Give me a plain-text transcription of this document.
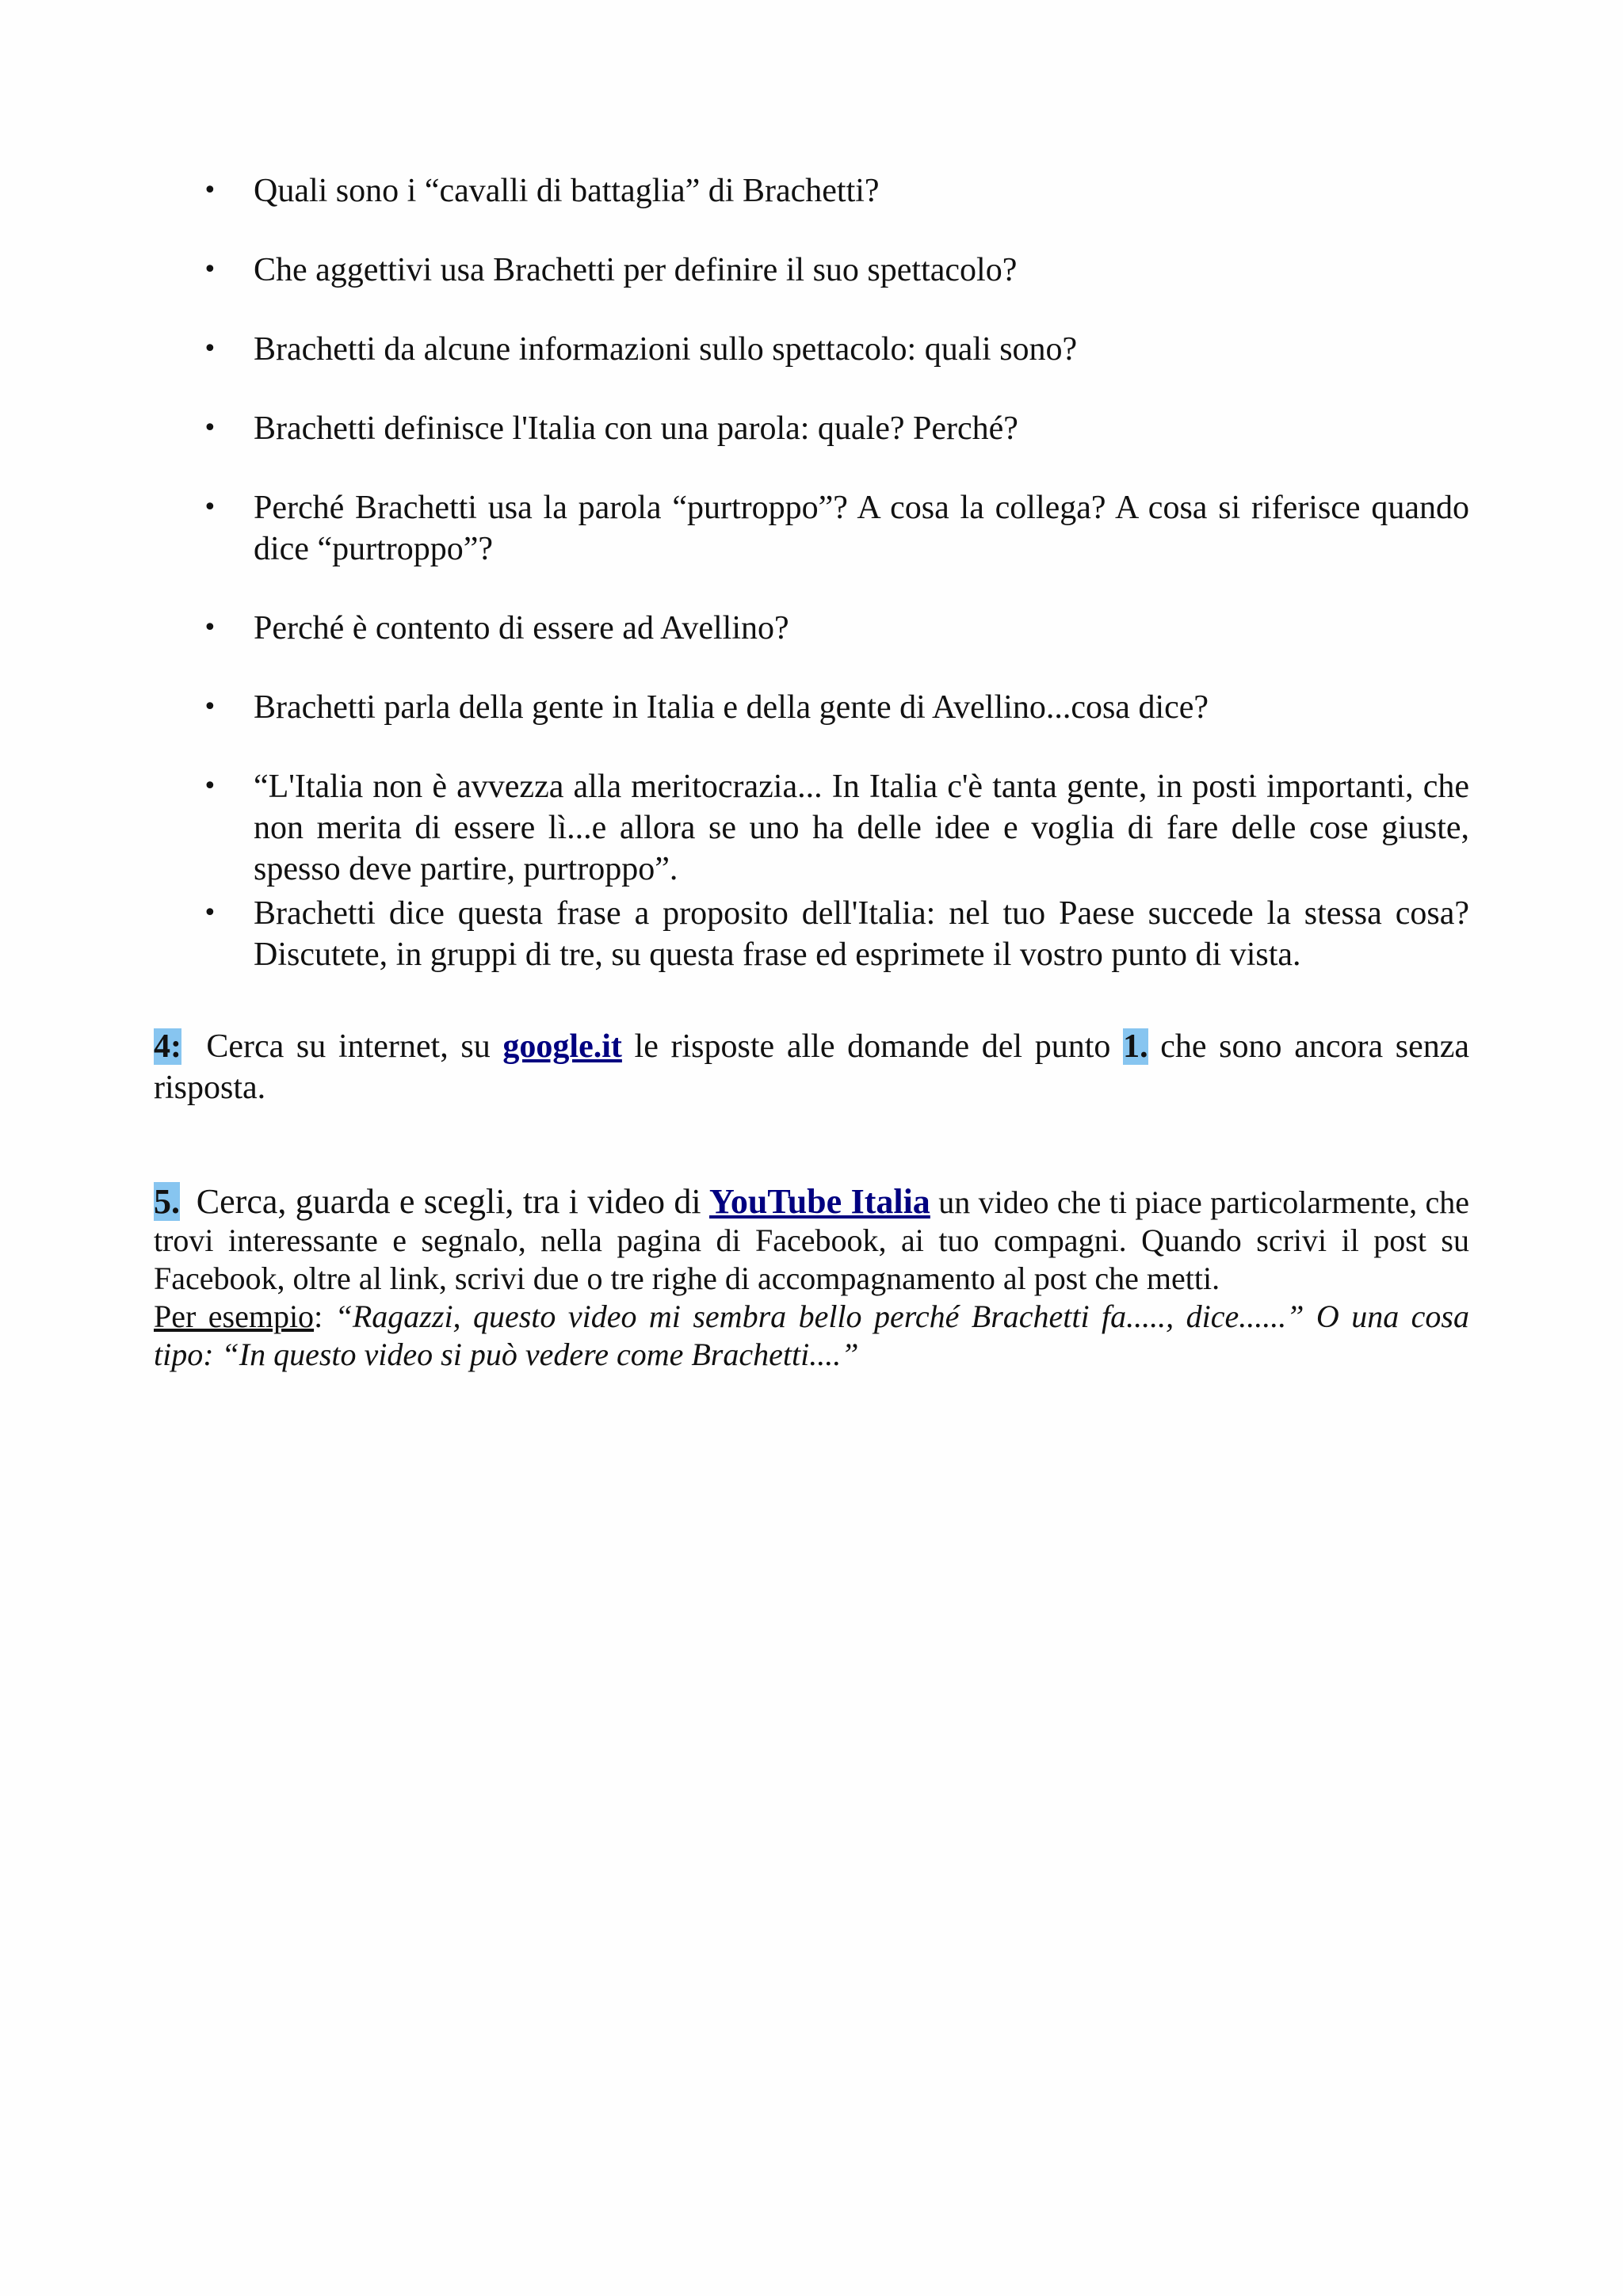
• Quali sono i “cavalli di battaglia” di Brachetti?
• Che aggettivi usa Brachetti per definire il suo spettacolo?
• Brachetti da alcune informazioni sullo spettacolo: quali sono?
• Brachetti definisce l'Italia con una parola: quale? Perché?
• Perché Brachetti usa la parola “purtroppo”? A cosa la collega? A cosa si riferisce quando dice “purtroppo”?
• Perché è contento di essere ad Avellino?
• Brachetti parla della gente in Italia e della gente di Avellino...cosa dice?
• “L'Italia non è avvezza alla meritocrazia... In Italia c'è tanta gente, in posti importanti, che non merita di essere lì...e allora se uno ha delle idee e voglia di fare delle cose giuste, spesso deve partire, purtroppo”.
• Brachetti dice questa frase a proposito dell'Italia: nel tuo Paese succede la stessa cosa? Discutete, in gruppi di tre, su questa frase ed esprimete il vostro punto di vista.

4: Cerca su internet, su google.it le risposte alle domande del punto 1. che sono ancora senza risposta.

5. Cerca, guarda e scegli, tra i video di YouTube Italia un video che ti piace particolarmente, che trovi interessante e segnalo, nella pagina di Facebook, ai tuo compagni. Quando scrivi il post su Facebook, oltre al link, scrivi due o tre righe di accompagnamento al post che metti.
Per esempio: “Ragazzi, questo video mi sembra bello perché Brachetti fa....., dice......” O una cosa tipo: “In questo video si può vedere come Brachetti....”
